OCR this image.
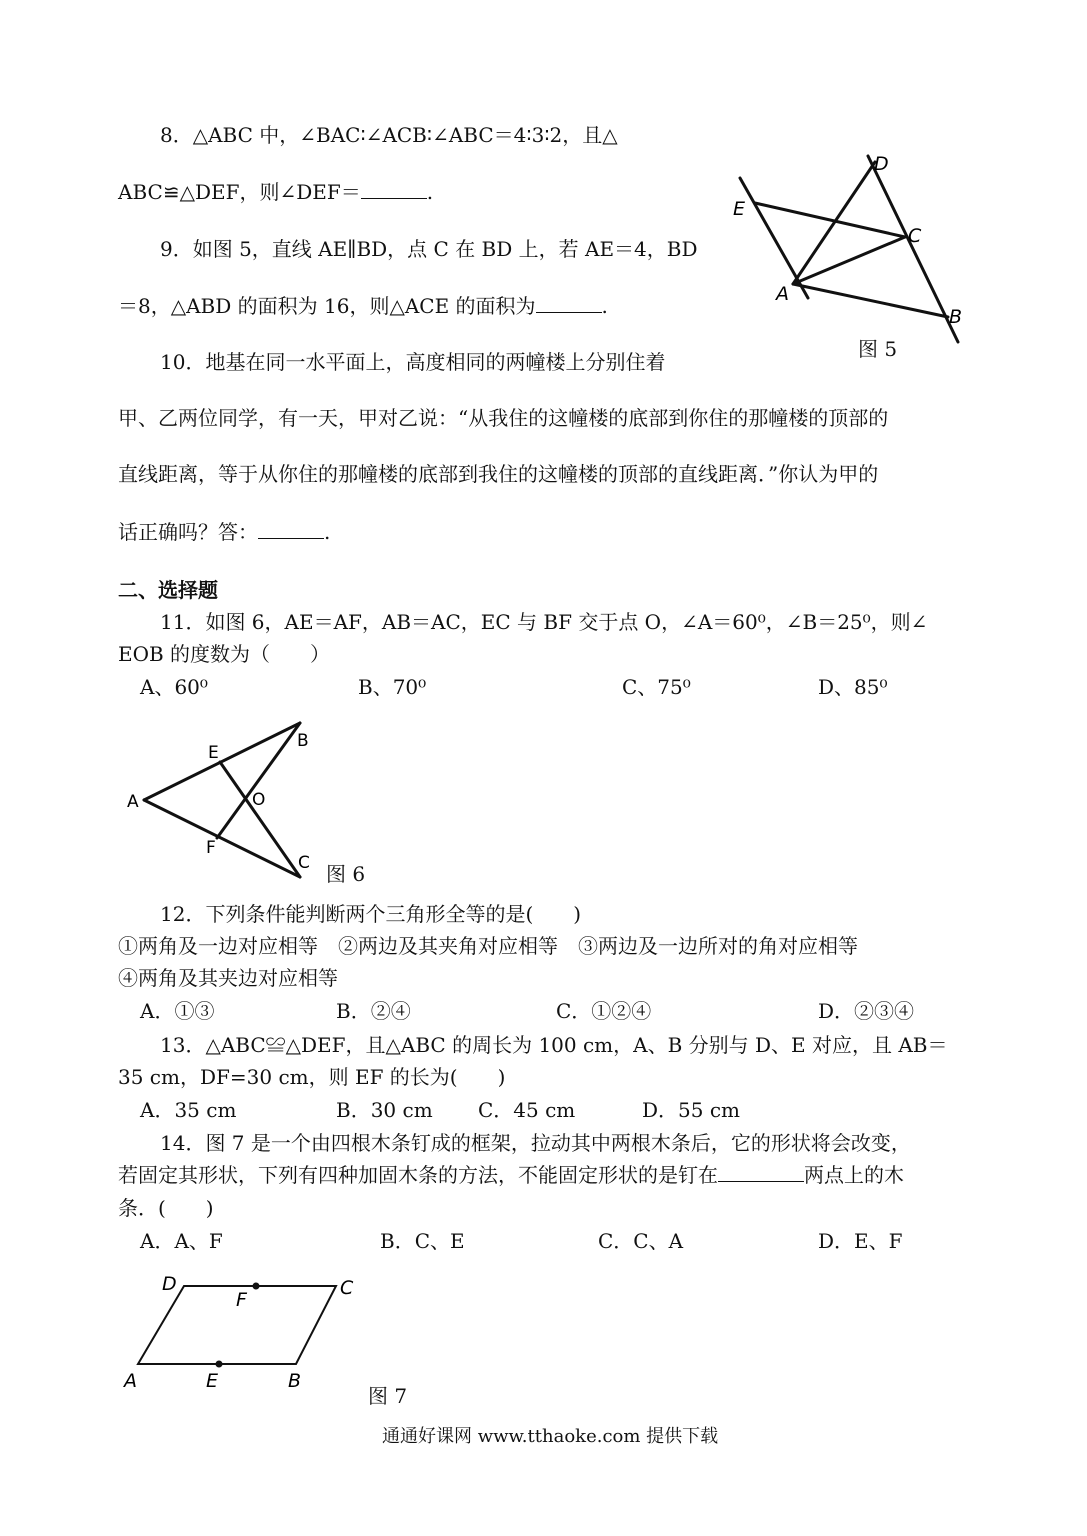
8．△ABC 中，∠BAC∶∠ACB∶∠ABC＝4∶3∶2，且△
ABC≌△DEF，则∠DEF＝	.
9．如图 5，直线 AE∥BD，点 C 在 BD 上，若 AE＝4，BD
＝8，△ABD 的面积为 16，则△ACE 的面积为	.
D
E
C
A
B
图 5
10．地基在同一水平面上，高度相同的两幢楼上分别住着
甲、乙两位同学，有一天，甲对乙说：“从我住的这幢楼的底部到你住的那幢楼的顶部的
直线距离，等于从你住的那幢楼的底部到我住的这幢楼的顶部的直线距离．”你认为甲的
话正确吗？答：	.
二、选择题
11．如图 6，AE＝AF，AB＝AC，EC 与 BF 交于点 O，∠A＝60⁰，∠B＝25⁰，则∠
EOB 的度数为（　　）
A、60⁰	B、70⁰	C、75⁰	D、85⁰
A
B
C
E
F
O
图 6
12．下列条件能判断两个三角形全等的是(　　)
①两角及一边对应相等　②两边及其夹角对应相等　③两边及一边所对的角对应相等
④两角及其夹边对应相等
A．①③	B．②④	C．①②④	D．②③④
13．△ABC≌△DEF，且△ABC 的周长为 100 cm，A、B 分别与 D、E 对应，且 AB＝
35 cm，DF=30 cm，则 EF 的长为(　　)
A．35 cm	B．30 cm C．45 cm	D．55 cm
14．图 7 是一个由四根木条钉成的框架，拉动其中两根木条后，它的形状将会改变，
若固定其形状，下列有四种加固木条的方法，不能固定形状的是钉在	两点上的木
条．(　　)
A．A、F	B．C、E	C．C、A	D．E、F
D
F
C
A	E	B
图 7
通通好课网 www.tthaoke.com 提供下载
